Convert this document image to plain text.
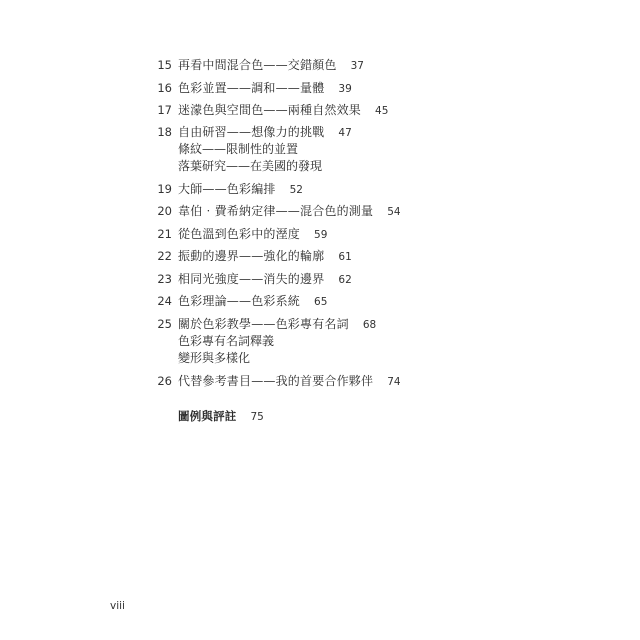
15 再看中間混合色——交錯顏色 37
16 色彩並置——調和——量體 39
17 迷濛色與空間色——兩種自然效果 45
18 自由研習——想像力的挑戰 47
條紋——限制性的並置
落葉研究——在美國的發現
19 大師——色彩編排 52
20 韋伯‧費希納定律——混合色的測量 54
21 從色溫到色彩中的溼度 59
22 振動的邊界——強化的輪廓 61
23 相同光強度——消失的邊界 62
24 色彩理論——色彩系統 65
25 關於色彩教學——色彩專有名詞 68
色彩專有名詞釋義
變形與多樣化
26 代替參考書目——我的首要合作夥伴 74
圖例與評註 75
viii
